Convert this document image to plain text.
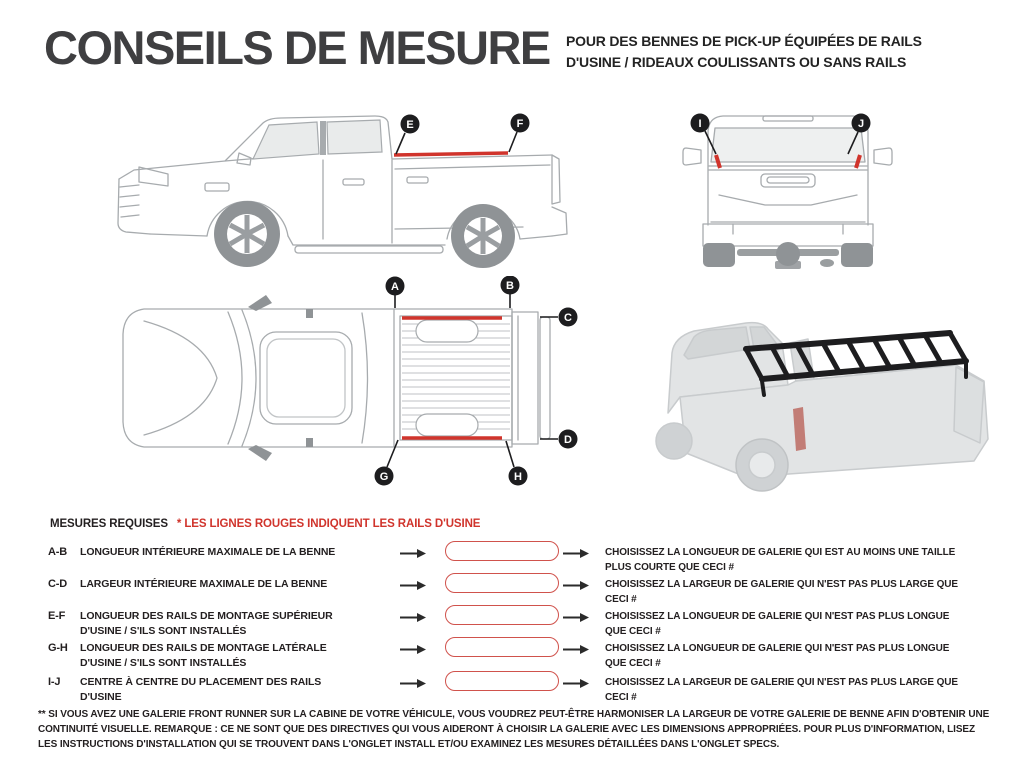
CONSEILS DE MESURE POUR DES BENNES DE PICK-UP ÉQUIPÉES DE RAILS D'USINE / RIDEAUX COULISSANTS OU SANS RAILS
E	F	I	J
A	B
C
D
G	H
MESURES REQUISES * LES LIGNES ROUGES INDIQUENT LES RAILS D'USINE
A-B LONGUEUR INTÉRIEURE MAXIMALE DE LA BENNE	CHOISISSEZ LA LONGUEUR DE GALERIE QUI EST AU MOINS UNE TAILLE PLUS COURTE QUE CECI #
C-D LARGEUR INTÉRIEURE MAXIMALE DE LA BENNE	CHOISISSEZ LA LARGEUR DE GALERIE QUI N'EST PAS PLUS LARGE QUE CECI #
E-F LONGUEUR DES RAILS DE MONTAGE SUPÉRIEUR D'USINE / S'ILS SONT INSTALLÉS
CHOISISSEZ LA LONGUEUR DE GALERIE QUI N'EST PAS PLUS LONGUE QUE CECI #
G-H LONGUEUR DES RAILS DE MONTAGE LATÉRALE D'USINE / S'ILS SONT INSTALLÉS
CHOISISSEZ LA LONGUEUR DE GALERIE QUI N'EST PAS PLUS LONGUE QUE CECI #
I-J CENTRE À CENTRE DU PLACEMENT DES RAILS D'USINE
CHOISISSEZ LA LARGEUR DE GALERIE QUI N'EST PAS PLUS LARGE QUE CECI #
** SI VOUS AVEZ UNE GALERIE FRONT RUNNER SUR LA CABINE DE VOTRE VÉHICULE, VOUS VOUDREZ PEUT-ÊTRE HARMONISER LA LARGEUR DE VOTRE GALERIE DE BENNE AFIN D'OBTENIR UNE CONTINUITÉ VISUELLE. REMARQUE : CE NE SONT QUE DES DIRECTIVES QUI VOUS AIDERONT À CHOISIR LA GALERIE AVEC LES DIMENSIONS APPROPRIÉES. POUR PLUS D'INFORMATION, LISEZ LES INSTRUCTIONS D'INSTALLATION QUI SE TROUVENT DANS L'ONGLET INSTALL ET/OU EXAMINEZ LES MESURES DÉTAILLÉES DANS L'ONGLET SPECS.
